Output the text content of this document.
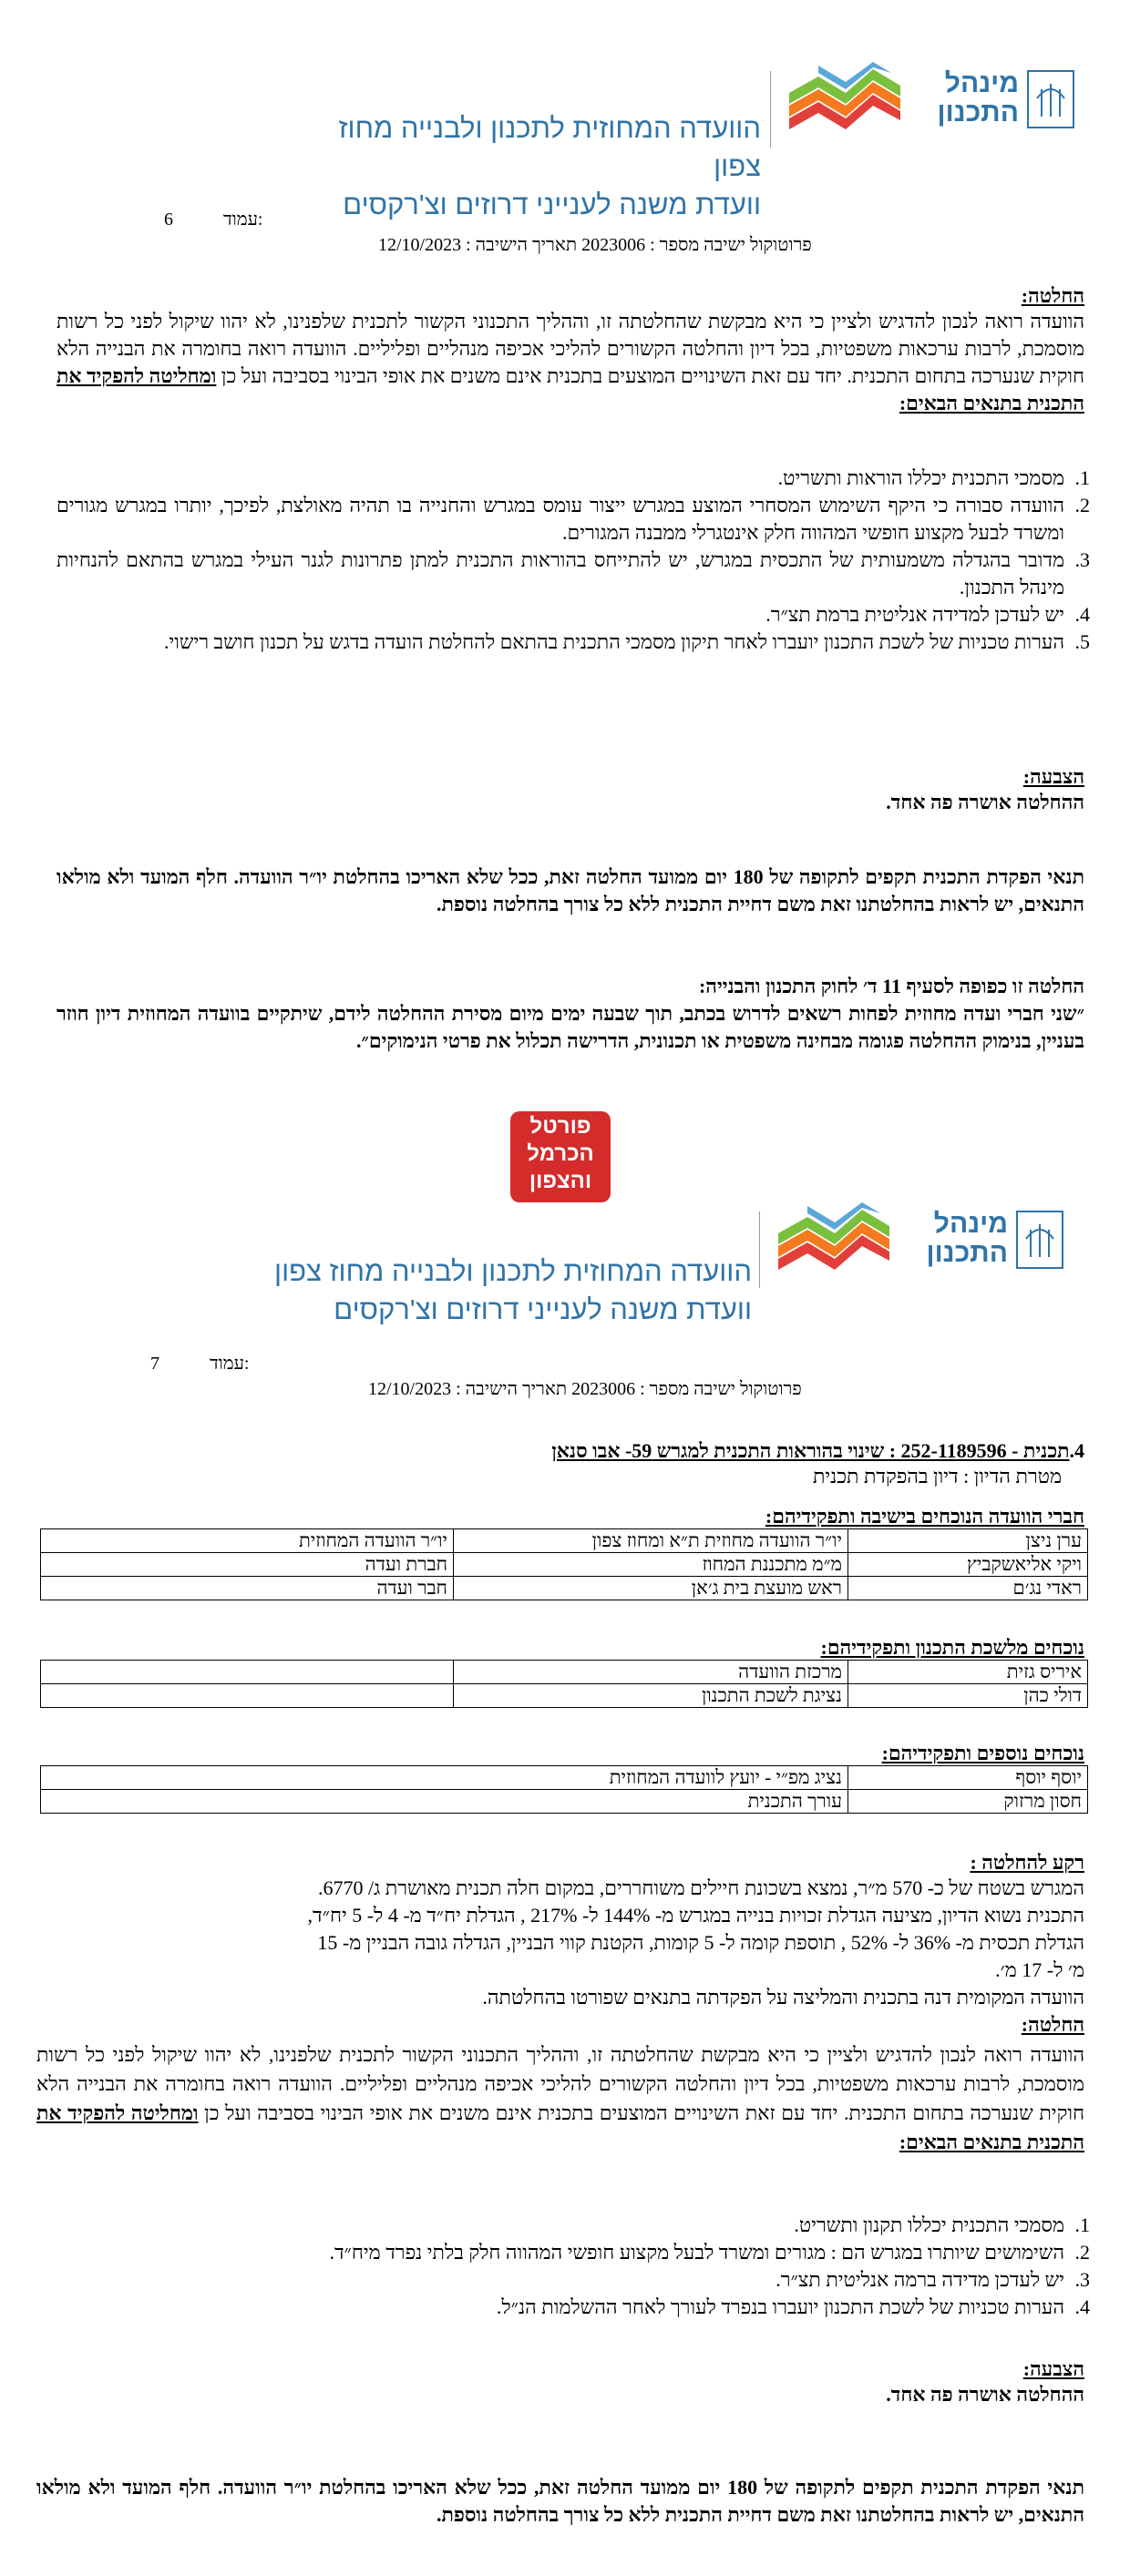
מינהל
התכנון
הוועדה המחוזית לתכנון ולבנייה מחוז צפון
וועדת משנה לענייני דרוזים וצ'רקסים
6	עמוד:
פרוטוקול ישיבה מספר : 2023006 תאריך הישיבה : 12/10/2023
החלטה:
הוועדה רואה לנכון להדגיש ולציין כי היא מבקשת שהחלטתה זו, וההליך התכנוני הקשור לתכנית שלפנינו, לא יהוו שיקול לפני כל רשות מוסמכת, לרבות ערכאות משפטיות, בכל דיון והחלטה הקשורים להליכי אכיפה מנהליים ופליליים. הוועדה רואה בחומרה את הבנייה הלא חוקית שנערכה בתחום התכנית. יחד עם זאת השינויים המוצעים בתכנית אינם משנים את אופי הבינוי בסביבה ועל כן ומחליטה להפקיד את התכנית בתנאים הבאים:
1.
מסמכי התכנית יכללו הוראות ותשריט.
2.
הוועדה סבורה כי היקף השימוש המסחרי המוצע במגרש ייצור עומס במגרש והחנייה בו תהיה מאולצת, לפיכך, יותרו במגרש מגורים ומשרד לבעל מקצוע חופשי המהווה חלק אינטגרלי ממבנה המגורים.
3.
מדובר בהגדלה משמעותית של התכסית במגרש, יש להתייחס בהוראות התכנית למתן פתרונות לגנר העילי במגרש בהתאם להנחיות מינהל התכנון.
4.
יש לעדכן למדידה אנליטית ברמת תצ״ר.
5.
הערות טכניות של לשכת התכנון יועברו לאחר תיקון מסמכי התכנית בהתאם להחלטת הועדה בדגש על תכנון חושב רישוי.
הצבעה:
ההחלטה אושרה פה אחד.
תנאי הפקדת התכנית תקפים לתקופה של 180 יום ממועד החלטה זאת, ככל שלא האריכו בהחלטת יו״ר הוועדה. חלף המועד ולא מולאו התנאים, יש לראות בהחלטתנו זאת משם דחיית התכנית ללא כל צורך בהחלטה נוספת.
החלטה זו כפופה לסעיף 11 ד׳ לחוק התכנון והבנייה:
״שני חברי ועדה מחוזית לפחות רשאים לדרוש בכתב, תוך שבעה ימים מיום מסירת ההחלטה לידם, שיתקיים בוועדה המחוזית דיון חוזר בעניין, בנימוק ההחלטה פגומה מבחינה משפטית או תכנונית, הדרישה תכלול את פרטי הנימוקים״.
פורטל
הכרמל
והצפון
מינהל
התכנון
הוועדה המחוזית לתכנון ולבנייה מחוז צפון
וועדת משנה לענייני דרוזים וצ'רקסים
7	עמוד:
פרוטוקול ישיבה מספר : 2023006 תאריך הישיבה : 12/10/2023
4.תכנית - 252-1189596 : שינוי בהוראות התכנית למגרש 59- אבו סנאן
מטרת הדיון : דיון בהפקדת תכנית
חברי הוועדה הנוכחים בישיבה ותפקידיהם:
ערן ניצן	יו״ר הוועדה מחוזית ת״א ומחוז צפון	יו״ר הוועדה המחוזית
ויקי אליאשקביץ	מ״מ מתכננת המחוז	חברת ועדה
ראדי נג׳ם	ראש מועצת בית ג׳אן	חבר ועדה
נוכחים מלשכת התכנון ותפקידיהם:
איריס גזית	מרכזת הוועדה	
דולי כהן	נציגת לשכת התכנון	
נוכחים נוספים ותפקידיהם:
יוסף יוסף	נציג מפ״י - יועץ לוועדה המחוזית
חסון מרזוק	עורך התכנית
רקע להחלטה :
המגרש בשטח של כ- 570 מ״ר, נמצא בשכונת חיילים משוחררים, במקום חלה תכנית מאושרת ג/ 6770.
התכנית נשוא הדיון, מציעה הגדלת זכויות בנייה במגרש מ- 144% ל- 217% , הגדלת יח״ד מ- 4 ל- 5 יח״ד,
הגדלת תכסית מ- 36% ל- 52% , תוספת קומה ל- 5 קומות, הקטנת קווי הבניין, הגדלה גובה הבניין מ- 15
מ׳ ל- 17 מ׳.
הוועדה המקומית דנה בתכנית והמליצה על הפקדתה בתנאים שפורטו בהחלטתה.
החלטה:
הוועדה רואה לנכון להדגיש ולציין כי היא מבקשת שהחלטתה זו, וההליך התכנוני הקשור לתכנית שלפנינו, לא יהוו שיקול לפני כל רשות מוסמכת, לרבות ערכאות משפטיות, בכל דיון והחלטה הקשורים להליכי אכיפה מנהליים ופליליים. הוועדה רואה בחומרה את הבנייה הלא חוקית שנערכה בתחום התכנית. יחד עם זאת השינויים המוצעים בתכנית אינם משנים את אופי הבינוי בסביבה ועל כן ומחליטה להפקיד את התכנית בתנאים הבאים:
1.
מסמכי התכנית יכללו תקנון ותשריט.
2.
השימושים שיותרו במגרש הם : מגורים ומשרד לבעל מקצוע חופשי המהווה חלק בלתי נפרד מיח״ד.
3.
יש לעדכן מדידה ברמה אנליטית תצ״ר.
4.
הערות טכניות של לשכת התכנון יועברו בנפרד לעורך לאחר ההשלמות הנ״ל.
הצבעה:
ההחלטה אושרה פה אחד.
תנאי הפקדת התכנית תקפים לתקופה של 180 יום ממועד החלטה זאת, ככל שלא האריכו בהחלטת יו״ר הוועדה. חלף המועד ולא מולאו התנאים, יש לראות בהחלטתנו זאת משם דחיית התכנית ללא כל צורך בהחלטה נוספת.
